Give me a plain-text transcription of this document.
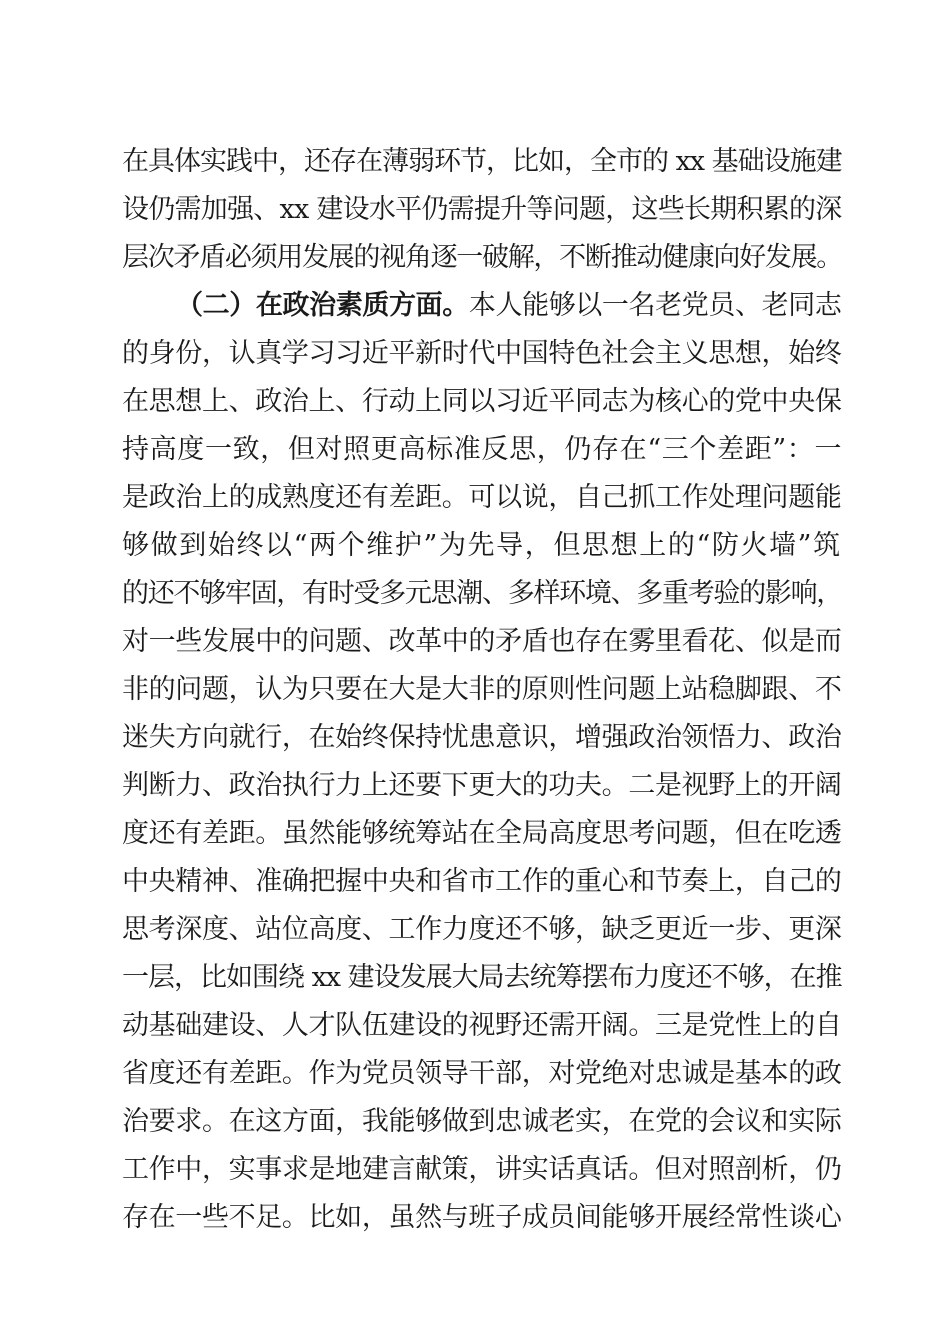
在具体实践中，还存在薄弱环节，比如，全市的 xx 基础设施建
设仍需加强、xx 建设水平仍需提升等问题，这些长期积累的深
层次矛盾必须用发展的视角逐一破解，不断推动健康向好发展。
（二）在政治素质方面。本人能够以一名老党员、老同志
的身份，认真学习习近平新时代中国特色社会主义思想，始终
在思想上、政治上、行动上同以习近平同志为核心的党中央保
持高度一致，但对照更高标准反思，仍存在“三个差距”：一
是政治上的成熟度还有差距。可以说，自己抓工作处理问题能
够做到始终以“两个维护”为先导，但思想上的“防火墙”筑
的还不够牢固，有时受多元思潮、多样环境、多重考验的影响，
对一些发展中的问题、改革中的矛盾也存在雾里看花、似是而
非的问题，认为只要在大是大非的原则性问题上站稳脚跟、不
迷失方向就行，在始终保持忧患意识，增强政治领悟力、政治
判断力、政治执行力上还要下更大的功夫。二是视野上的开阔
度还有差距。虽然能够统筹站在全局高度思考问题，但在吃透
中央精神、准确把握中央和省市工作的重心和节奏上，自己的
思考深度、站位高度、工作力度还不够，缺乏更近一步、更深
一层，比如围绕 xx 建设发展大局去统筹摆布力度还不够，在推
动基础建设、人才队伍建设的视野还需开阔。三是党性上的自
省度还有差距。作为党员领导干部，对党绝对忠诚是基本的政
治要求。在这方面，我能够做到忠诚老实，在党的会议和实际
工作中，实事求是地建言献策，讲实话真话。但对照剖析，仍
存在一些不足。比如，虽然与班子成员间能够开展经常性谈心
